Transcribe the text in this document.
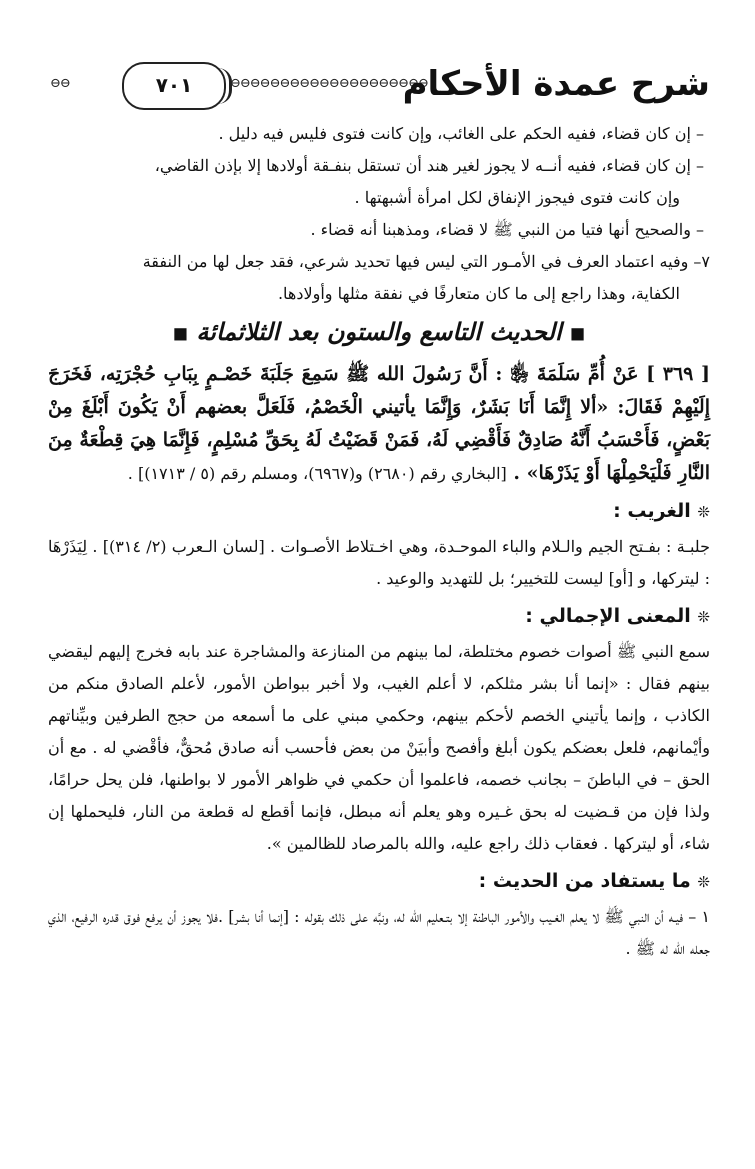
⊖⊖	٧٠١	⊖⊖⊖⊖⊖⊖⊖⊖⊖⊖⊖⊖⊖⊖⊖⊖⊖⊖⊖⊖
شرح عمدة الأحكام

– إن كان قضاء، ففيه الحكم على الغائب، وإن كانت فتوى فليس فيه دليل .

– إن كان قضاء، ففيه أنــه لا يجوز لغير هند أن تستقل بنفـقة أولادها إلا بإذن القاضي،

وإن كانت فتوى فيجوز الإنفاق لكل امرأة أشبهتها .

– والصحيح أنها فتيا من النبي ﷺ لا قضاء، ومذهبنا أنه قضاء .

٧– وفيه اعتماد العرف في الأمـور التي ليس فيها تحديد شرعي، فقد جعل لها من النفقة

الكفاية، وهذا راجع إلى ما كان متعارفًا في نفقة مثلها وأولادها.

■ الحديث التاسع والستون بعد الثلاثمائة ■

[ ٣٦٩ ] عَنْ أُمِّ سَلَمَةَ ﵂ : أَنَّ رَسُولَ الله ﷺ سَمِعَ جَلَبَةَ خَصْـمٍ بِبَابِ حُجْرَتِه، فَخَرَجَ إِلَيْهِمْ فَقَالَ: «ألا إِنَّمَا أَنَا بَشَرٌ، وَإِنَّمَا يأتيني الْخَصْمُ، فَلَعَلَّ بعضهم أَنْ يَكُونَ أَبْلَغَ مِنْ بَعْضٍ، فَأَحْسَبُ أَنَّهُ صَادِقٌ فَأَقْضِي لَهُ، فَمَنْ قَضَيْتُ لَهُ بِحَقِّ مُسْلِمٍ، فَإِنَّمَا هِيَ قِطْعَةٌ مِنَ النَّارِ فَلْيَحْمِلْهَا أَوْ يَذَرْهَا» . [البخاري رقم (٢٦٨٠) و(٦٩٦٧)، ومسلم رقم (٥ / ١٧١٣)] .

❊ الغريب :

جلبـة : بفـتح الجيم والـلام والباء الموحـدة، وهي اخـتلاط الأصـوات . [لسان الـعرب (٢/ ٣١٤)] . لِيَذَرْهَا : ليتركها، و [أو] ليست للتخيير؛ بل للتهديد والوعيد .

❊ المعنى الإجمالي :

سمع النبي ﷺ أصوات خصوم مختلطة، لما بينهم من المنازعة والمشاجرة عند بابه فخرج إليهم ليقضي بينهم فقال : «إنما أنا بشر مثلكم، لا أعلم الغيب، ولا أخبر ببواطن الأمور، لأعلم الصادق منكم من الكاذب ، وإنما يأتيني الخصم لأحكم بينهم، وحكمي مبني على ما أسمعه من حجج الطرفين وبيِّناتهم وأيْمانهم، فلعل بعضكم يكون أبلغ وأفصح وأبيَنْ من بعض فأحسب أنه صادق مُحقٌّ، فأقْضي له . مع أن الحق – في الباطنَ – بجانب خصمه، فاعلموا أن حكمي في ظواهر الأمور لا بواطنها، فلن يحل حرامًا، ولذا فإن من قـضيت له بحق غـيره وهو يعلم أنه مبطل، فإنما أقطع له قطعة من النار، فليحملها إن شاء، أو ليتركها . فعقاب ذلك راجع عليه، والله بالمرصاد للظالمين ».

❊ ما يستفاد من الحديث :

١ – فيـه أن النبي ﷺ لا يعلم الغـيب والأمور الباطنة إلا بتـعليم الله له، ونبَّه على ذلك بقوله : [إنما أنا بشر] .فلا يجوز أن يرفع فوق قدره الرفيع، الذي جعله الله له ﷺ .
